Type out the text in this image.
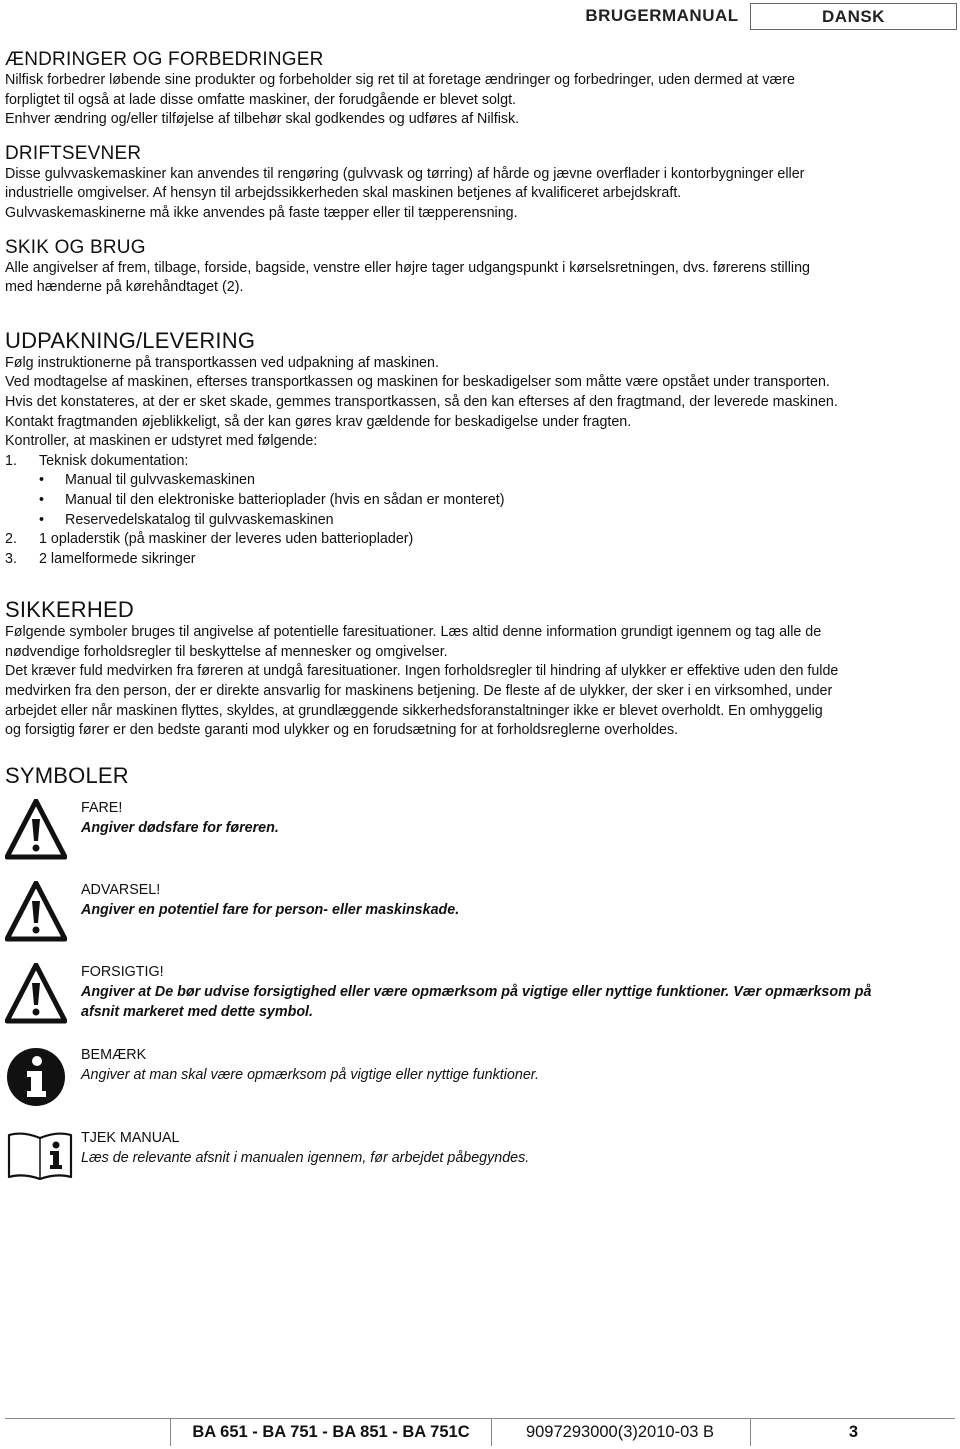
BRUGERMANUAL	DANSK
ÆNDRINGER OG FORBEDRINGER

Nilfisk forbedrer løbende sine produkter og forbeholder sig ret til at foretage ændringer og forbedringer, uden dermed at være

forpligtet til også at lade disse omfatte maskiner, der forudgående er blevet solgt.

Enhver ændring og/eller tilføjelse af tilbehør skal godkendes og udføres af Nilfisk.

DRIFTSEVNER

Disse gulvvaskemaskiner kan anvendes til rengøring (gulvvask og tørring) af hårde og jævne overflader i kontorbygninger eller

industrielle omgivelser. Af hensyn til arbejdssikkerheden skal maskinen betjenes af kvalificeret arbejdskraft.

Gulvvaskemaskinerne må ikke anvendes på faste tæpper eller til tæpperensning.

SKIK OG BRUG

Alle angivelser af frem, tilbage, forside, bagside, venstre eller højre tager udgangspunkt i kørselsretningen, dvs. førerens stilling

med hænderne på kørehåndtaget (2).

UDPAKNING/LEVERING

Følg instruktionerne på transportkassen ved udpakning af maskinen.

Ved modtagelse af maskinen, efterses transportkassen og maskinen for beskadigelser som måtte være opstået under transporten.

Hvis det konstateres, at der er sket skade, gemmes transportkassen, så den kan efterses af den fragtmand, der leverede maskinen.

Kontakt fragtmanden øjeblikkeligt, så der kan gøres krav gældende for beskadigelse under fragten.

Kontroller, at maskinen er udstyret med følgende:

1.	Teknisk dokumentation:
•	Manual til gulvvaskemaskinen
•	Manual til den elektroniske batterioplader (hvis en sådan er monteret)
•	Reservedelskatalog til gulvvaskemaskinen
2.	1 opladerstik (på maskiner der leveres uden batterioplader)
3.	2 lamelformede sikringer
SIKKERHED

Følgende symboler bruges til angivelse af potentielle faresituationer. Læs altid denne information grundigt igennem og tag alle de

nødvendige forholdsregler til beskyttelse af mennesker og omgivelser.

Det kræver fuld medvirken fra føreren at undgå faresituationer. Ingen forholdsregler til hindring af ulykker er effektive uden den fulde

medvirken fra den person, der er direkte ansvarlig for maskinens betjening. De fleste af de ulykker, der sker i en virksomhed, under

arbejdet eller når maskinen flyttes, skyldes, at grundlæggende sikkerhedsforanstaltninger ikke er blevet overholdt. En omhyggelig

og forsigtig fører er den bedste garanti mod ulykker og en forudsætning for at forholdsreglerne overholdes.

SYMBOLER
FARE!
Angiver dødsfare for føreren.
ADVARSEL!
Angiver en potentiel fare for person- eller maskinskade.
FORSIGTIG!
Angiver at De bør udvise forsigtighed eller være opmærksom på vigtige eller nyttige funktioner. Vær opmærksom på afsnit markeret med dette symbol.
BEMÆRK
Angiver at man skal være opmærksom på vigtige eller nyttige funktioner.
TJEK MANUAL
Læs de relevante afsnit i manualen igennem, før arbejdet påbegyndes.
BA 651 - BA 751 - BA 851 - BA 751C	9097293000(3)2010-03 B	3
